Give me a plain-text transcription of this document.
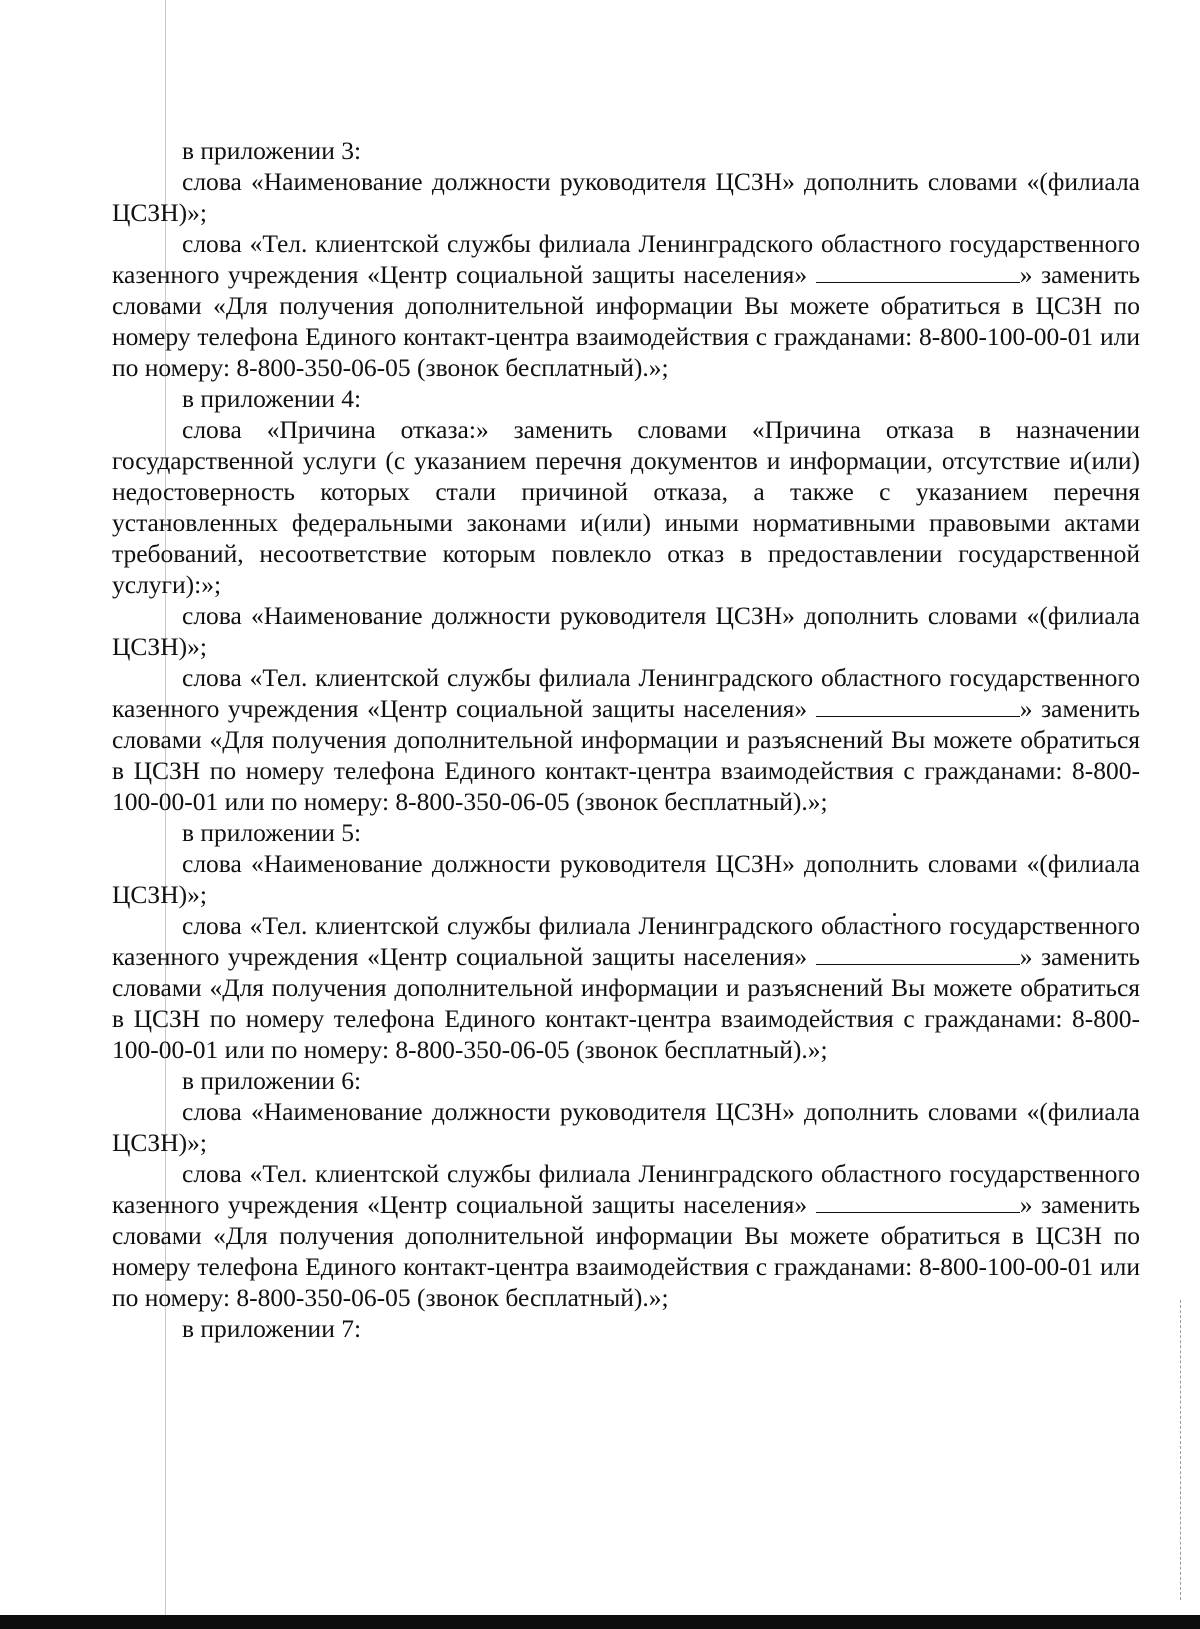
в приложении 3:

слова «Наименование должности руководителя ЦСЗН» дополнить словами «(филиала ЦСЗН)»;

слова «Тел. клиентской службы филиала Ленинградского областного государственного казенного учреждения «Центр социальной защиты населения»	» заменить словами «Для получения дополнительной информации Вы можете обратиться в ЦСЗН по номеру телефона Единого контакт-центра взаимодействия с гражданами: 8-800-100-00-01 или по номеру: 8-800-350-06-05 (звонок бесплатный).»;

в приложении 4:

слова «Причина отказа:» заменить словами «Причина отказа в назначении государственной услуги (с указанием перечня документов и информации, отсутствие и(или) недостоверность которых стали причиной отказа, а также с указанием перечня установленных федеральными законами и(или) иными нормативными правовыми актами требований, несоответствие которым повлекло отказ в предоставлении государственной услуги):»;

слова «Наименование должности руководителя ЦСЗН» дополнить словами «(филиала ЦСЗН)»;

слова «Тел. клиентской службы филиала Ленинградского областного государственного казенного учреждения «Центр социальной защиты населения»	» заменить словами «Для получения дополнительной информации и разъяснений Вы можете обратиться в ЦСЗН по номеру телефона Единого контакт-центра взаимодействия с гражданами: 8-800-100-00-01 или по номеру: 8-800-350-06-05 (звонок бесплатный).»;

в приложении 5:

слова «Наименование должности руководителя ЦСЗН» дополнить словами «(филиала ЦСЗН)»;

слова «Тел. клиентской службы филиала Ленинградского областного государственного казенного учреждения «Центр социальной защиты населения»	» заменить словами «Для получения дополнительной информации и разъяснений Вы можете обратиться в ЦСЗН по номеру телефона Единого контакт-центра взаимодействия с гражданами: 8-800-100-00-01 или по номеру: 8-800-350-06-05 (звонок бесплатный).»;

в приложении 6:

слова «Наименование должности руководителя ЦСЗН» дополнить словами «(филиала ЦСЗН)»;

слова «Тел. клиентской службы филиала Ленинградского областного государственного казенного учреждения «Центр социальной защиты населения»	» заменить словами «Для получения дополнительной информации Вы можете обратиться в ЦСЗН по номеру телефона Единого контакт-центра взаимодействия с гражданами: 8-800-100-00-01 или по номеру: 8-800-350-06-05 (звонок бесплатный).»;

в приложении 7:
